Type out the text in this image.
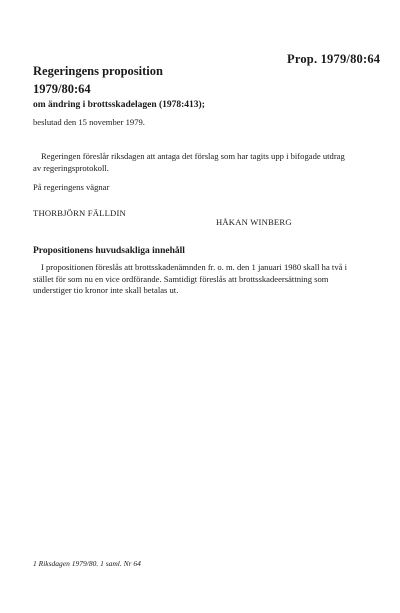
Prop. 1979/80:64
Regeringens proposition
1979/80:64
om ändring i brottsskadelagen (1978:413);
beslutad den 15 november 1979.
Regeringen föreslår riksdagen att antaga det förslag som har tagits upp i bifogade utdrag av regeringsprotokoll.
På regeringens vägnar
THORBJÖRN FÄLLDIN
HÅKAN WINBERG
Propositionens huvudsakliga innehåll
I propositionen föreslås att brottsskadenämnden fr. o. m. den 1 januari 1980 skall ha två i stället för som nu en vice ordförande. Samtidigt föreslås att brottsskadeersättning som understiger tio kronor inte skall betalas ut.
1 Riksdagen 1979/80. 1 saml. Nr 64
